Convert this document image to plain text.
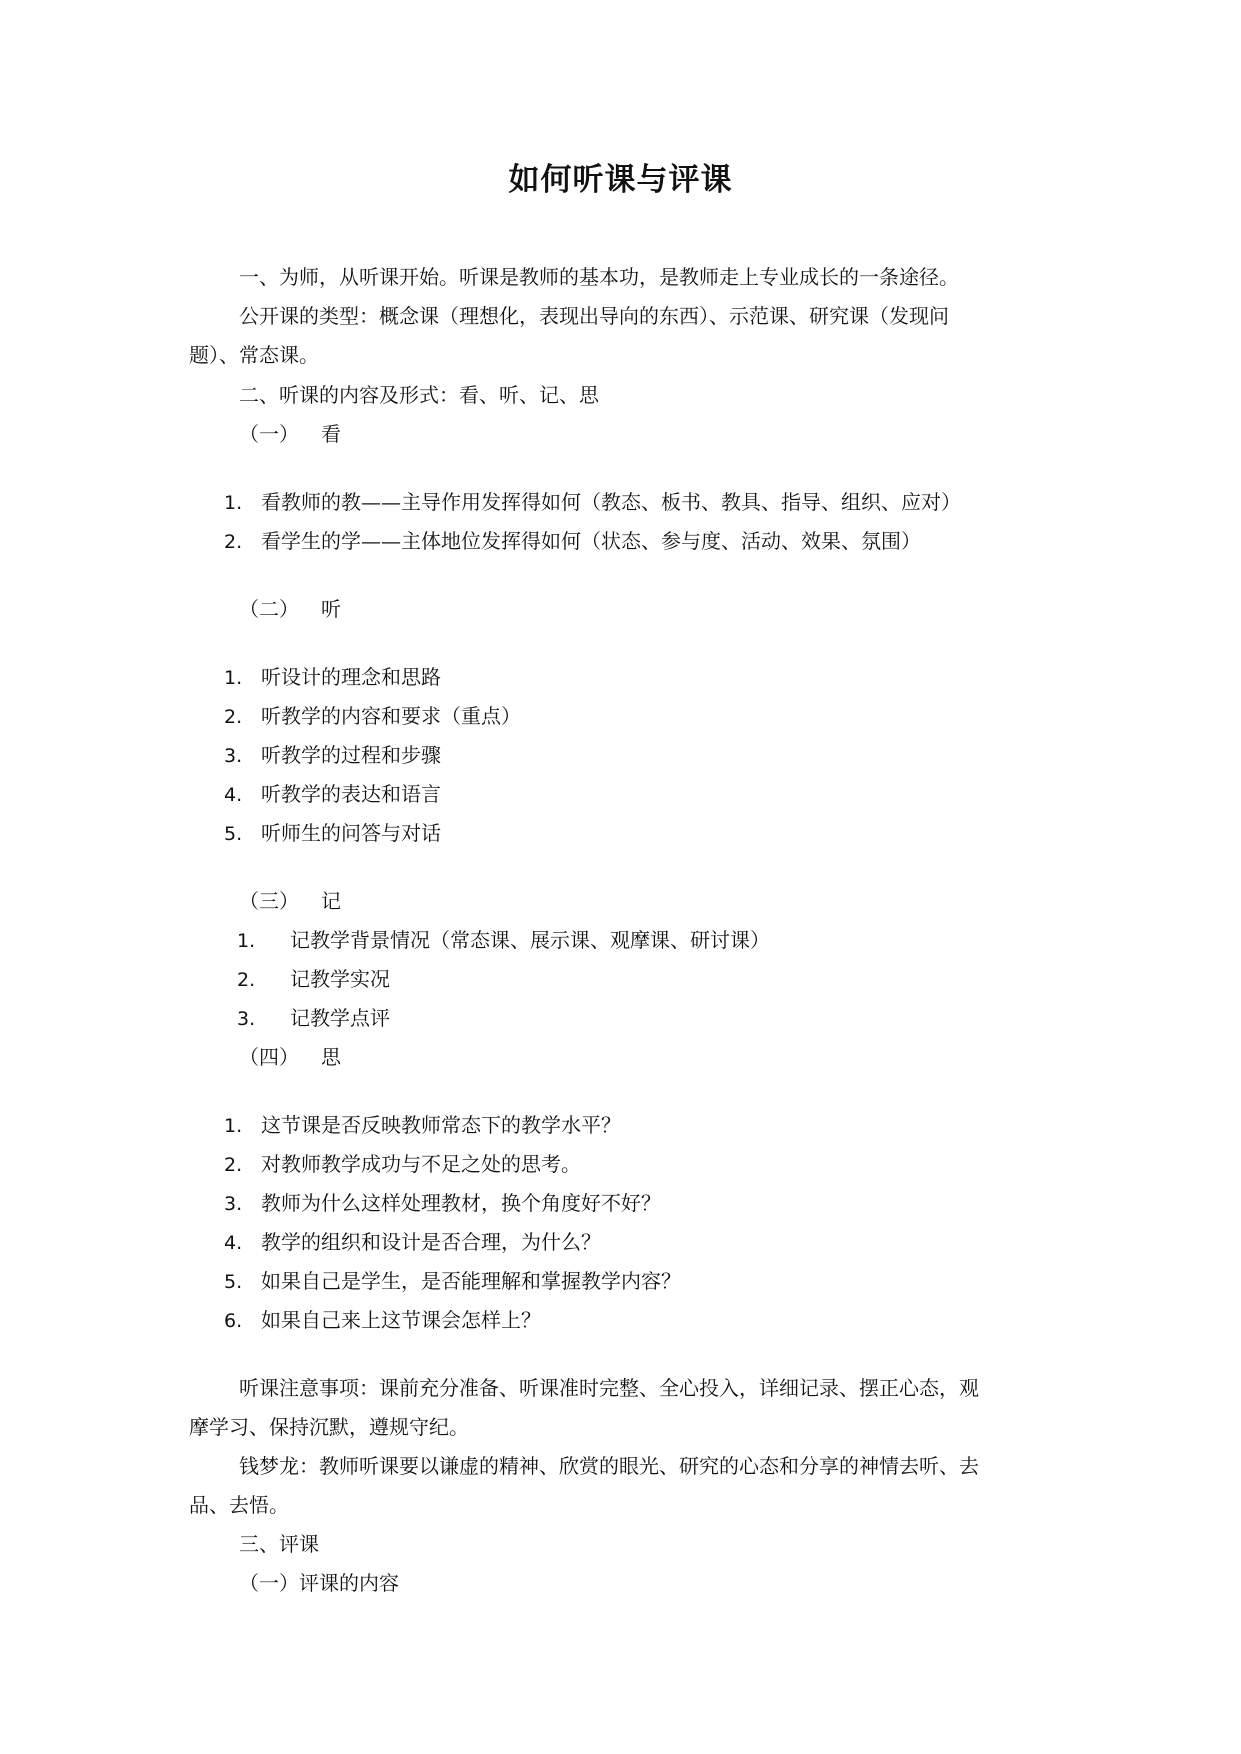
如何听课与评课
一、为师，从听课开始。听课是教师的基本功，是教师走上专业成长的一条途径。
公开课的类型：概念课（理想化，表现出导向的东西）、示范课、研究课（发现问
题）、常态课。
二、听课的内容及形式：看、听、记、思
（一） 看
1. 看教师的教——主导作用发挥得如何（教态、板书、教具、指导、组织、应对）
2. 看学生的学——主体地位发挥得如何（状态、参与度、活动、效果、氛围）
（二） 听
1. 听设计的理念和思路
2. 听教学的内容和要求（重点）
3. 听教学的过程和步骤
4. 听教学的表达和语言
5. 听师生的问答与对话
（三） 记
1. 记教学背景情况（常态课、展示课、观摩课、研讨课）
2. 记教学实况
3. 记教学点评
（四） 思
1. 这节课是否反映教师常态下的教学水平？
2. 对教师教学成功与不足之处的思考。
3. 教师为什么这样处理教材，换个角度好不好？
4. 教学的组织和设计是否合理，为什么？
5. 如果自己是学生，是否能理解和掌握教学内容？
6. 如果自己来上这节课会怎样上？
听课注意事项：课前充分准备、听课准时完整、全心投入，详细记录、摆正心态，观
摩学习、保持沉默，遵规守纪。
钱梦龙：教师听课要以谦虚的精神、欣赏的眼光、研究的心态和分享的神情去听、去
品、去悟。
三、评课
（一）评课的内容
